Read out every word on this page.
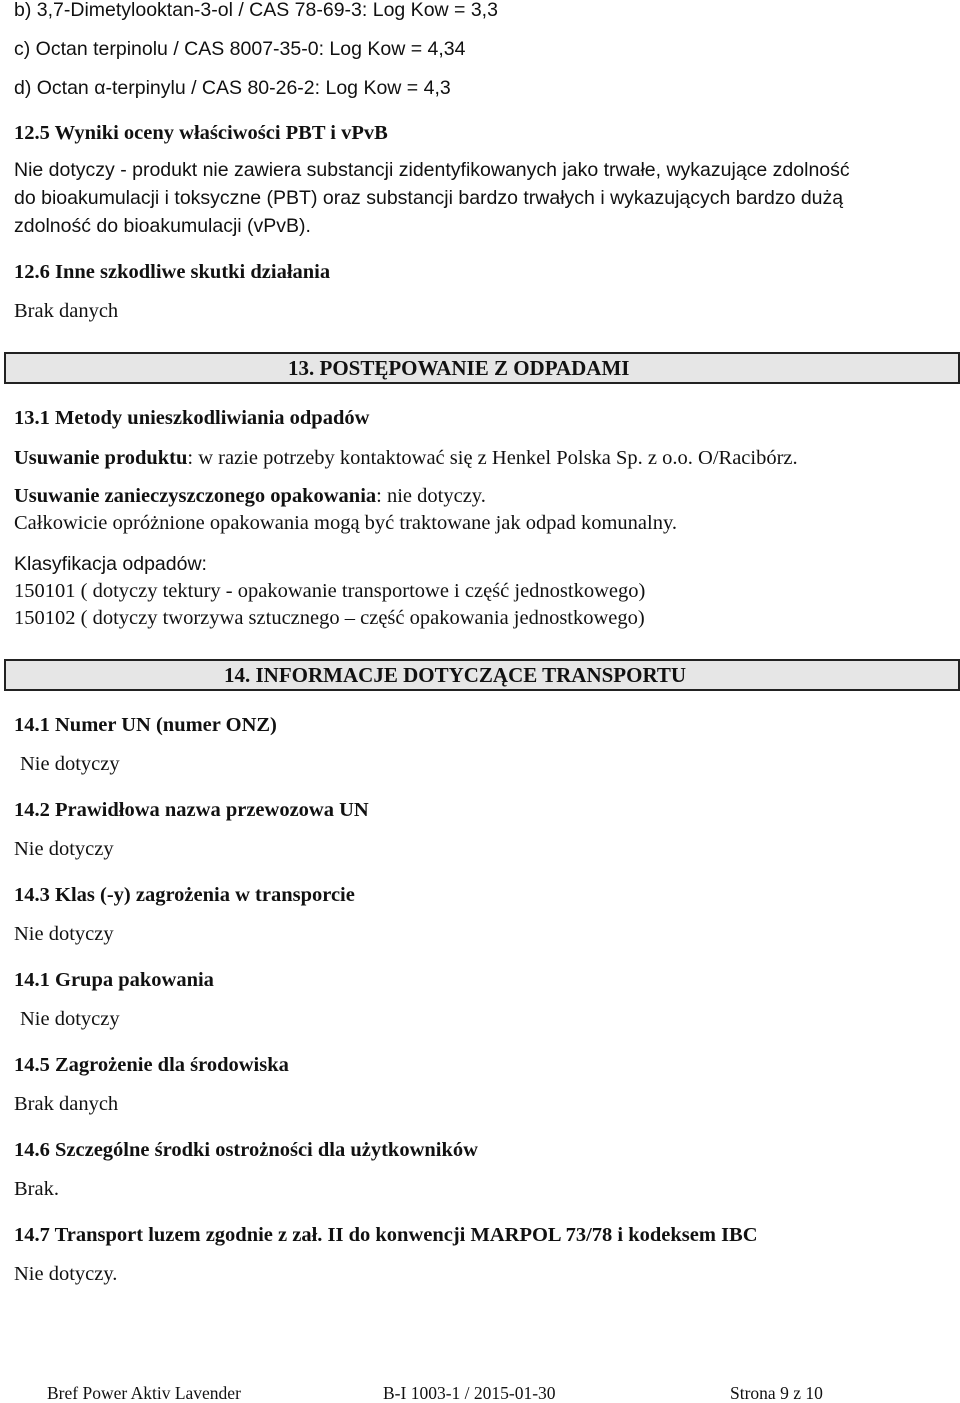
b) 3,7-Dimetylooktan-3-ol / CAS 78-69-3: Log Kow = 3,3
c) Octan terpinolu / CAS 8007-35-0: Log Kow = 4,34
d) Octan α-terpinylu / CAS 80-26-2: Log Kow = 4,3
12.5 Wyniki oceny właściwości PBT i vPvB
Nie dotyczy - produkt nie zawiera substancji zidentyfikowanych jako trwałe, wykazujące zdolność
do bioakumulacji i toksyczne (PBT) oraz substancji bardzo trwałych i wykazujących bardzo dużą
zdolność do bioakumulacji (vPvB).
12.6 Inne szkodliwe skutki działania
Brak danych
13. POSTĘPOWANIE Z ODPADAMI
13.1 Metody unieszkodliwiania odpadów
Usuwanie produktu: w razie potrzeby kontaktować się z Henkel Polska Sp. z o.o. O/Racibórz.
Usuwanie zanieczyszczonego opakowania: nie dotyczy.
Całkowicie opróżnione opakowania mogą być traktowane jak odpad komunalny.
Klasyfikacja odpadów:
150101 ( dotyczy tektury - opakowanie transportowe i część jednostkowego)
150102 ( dotyczy tworzywa sztucznego – część opakowania jednostkowego)
14. INFORMACJE DOTYCZĄCE TRANSPORTU
14.1 Numer UN (numer ONZ)
Nie dotyczy
14.2 Prawidłowa nazwa przewozowa UN
Nie dotyczy
14.3 Klas (-y) zagrożenia w transporcie
Nie dotyczy
14.1 Grupa pakowania
Nie dotyczy
14.5 Zagrożenie dla środowiska
Brak danych
14.6 Szczególne środki ostrożności dla użytkowników
Brak.
14.7 Transport luzem zgodnie z zał. II do konwencji MARPOL 73/78 i kodeksem IBC
Nie dotyczy.
Bref Power Aktiv Lavender	B-I 1003-1 / 2015-01-30	Strona 9 z 10
